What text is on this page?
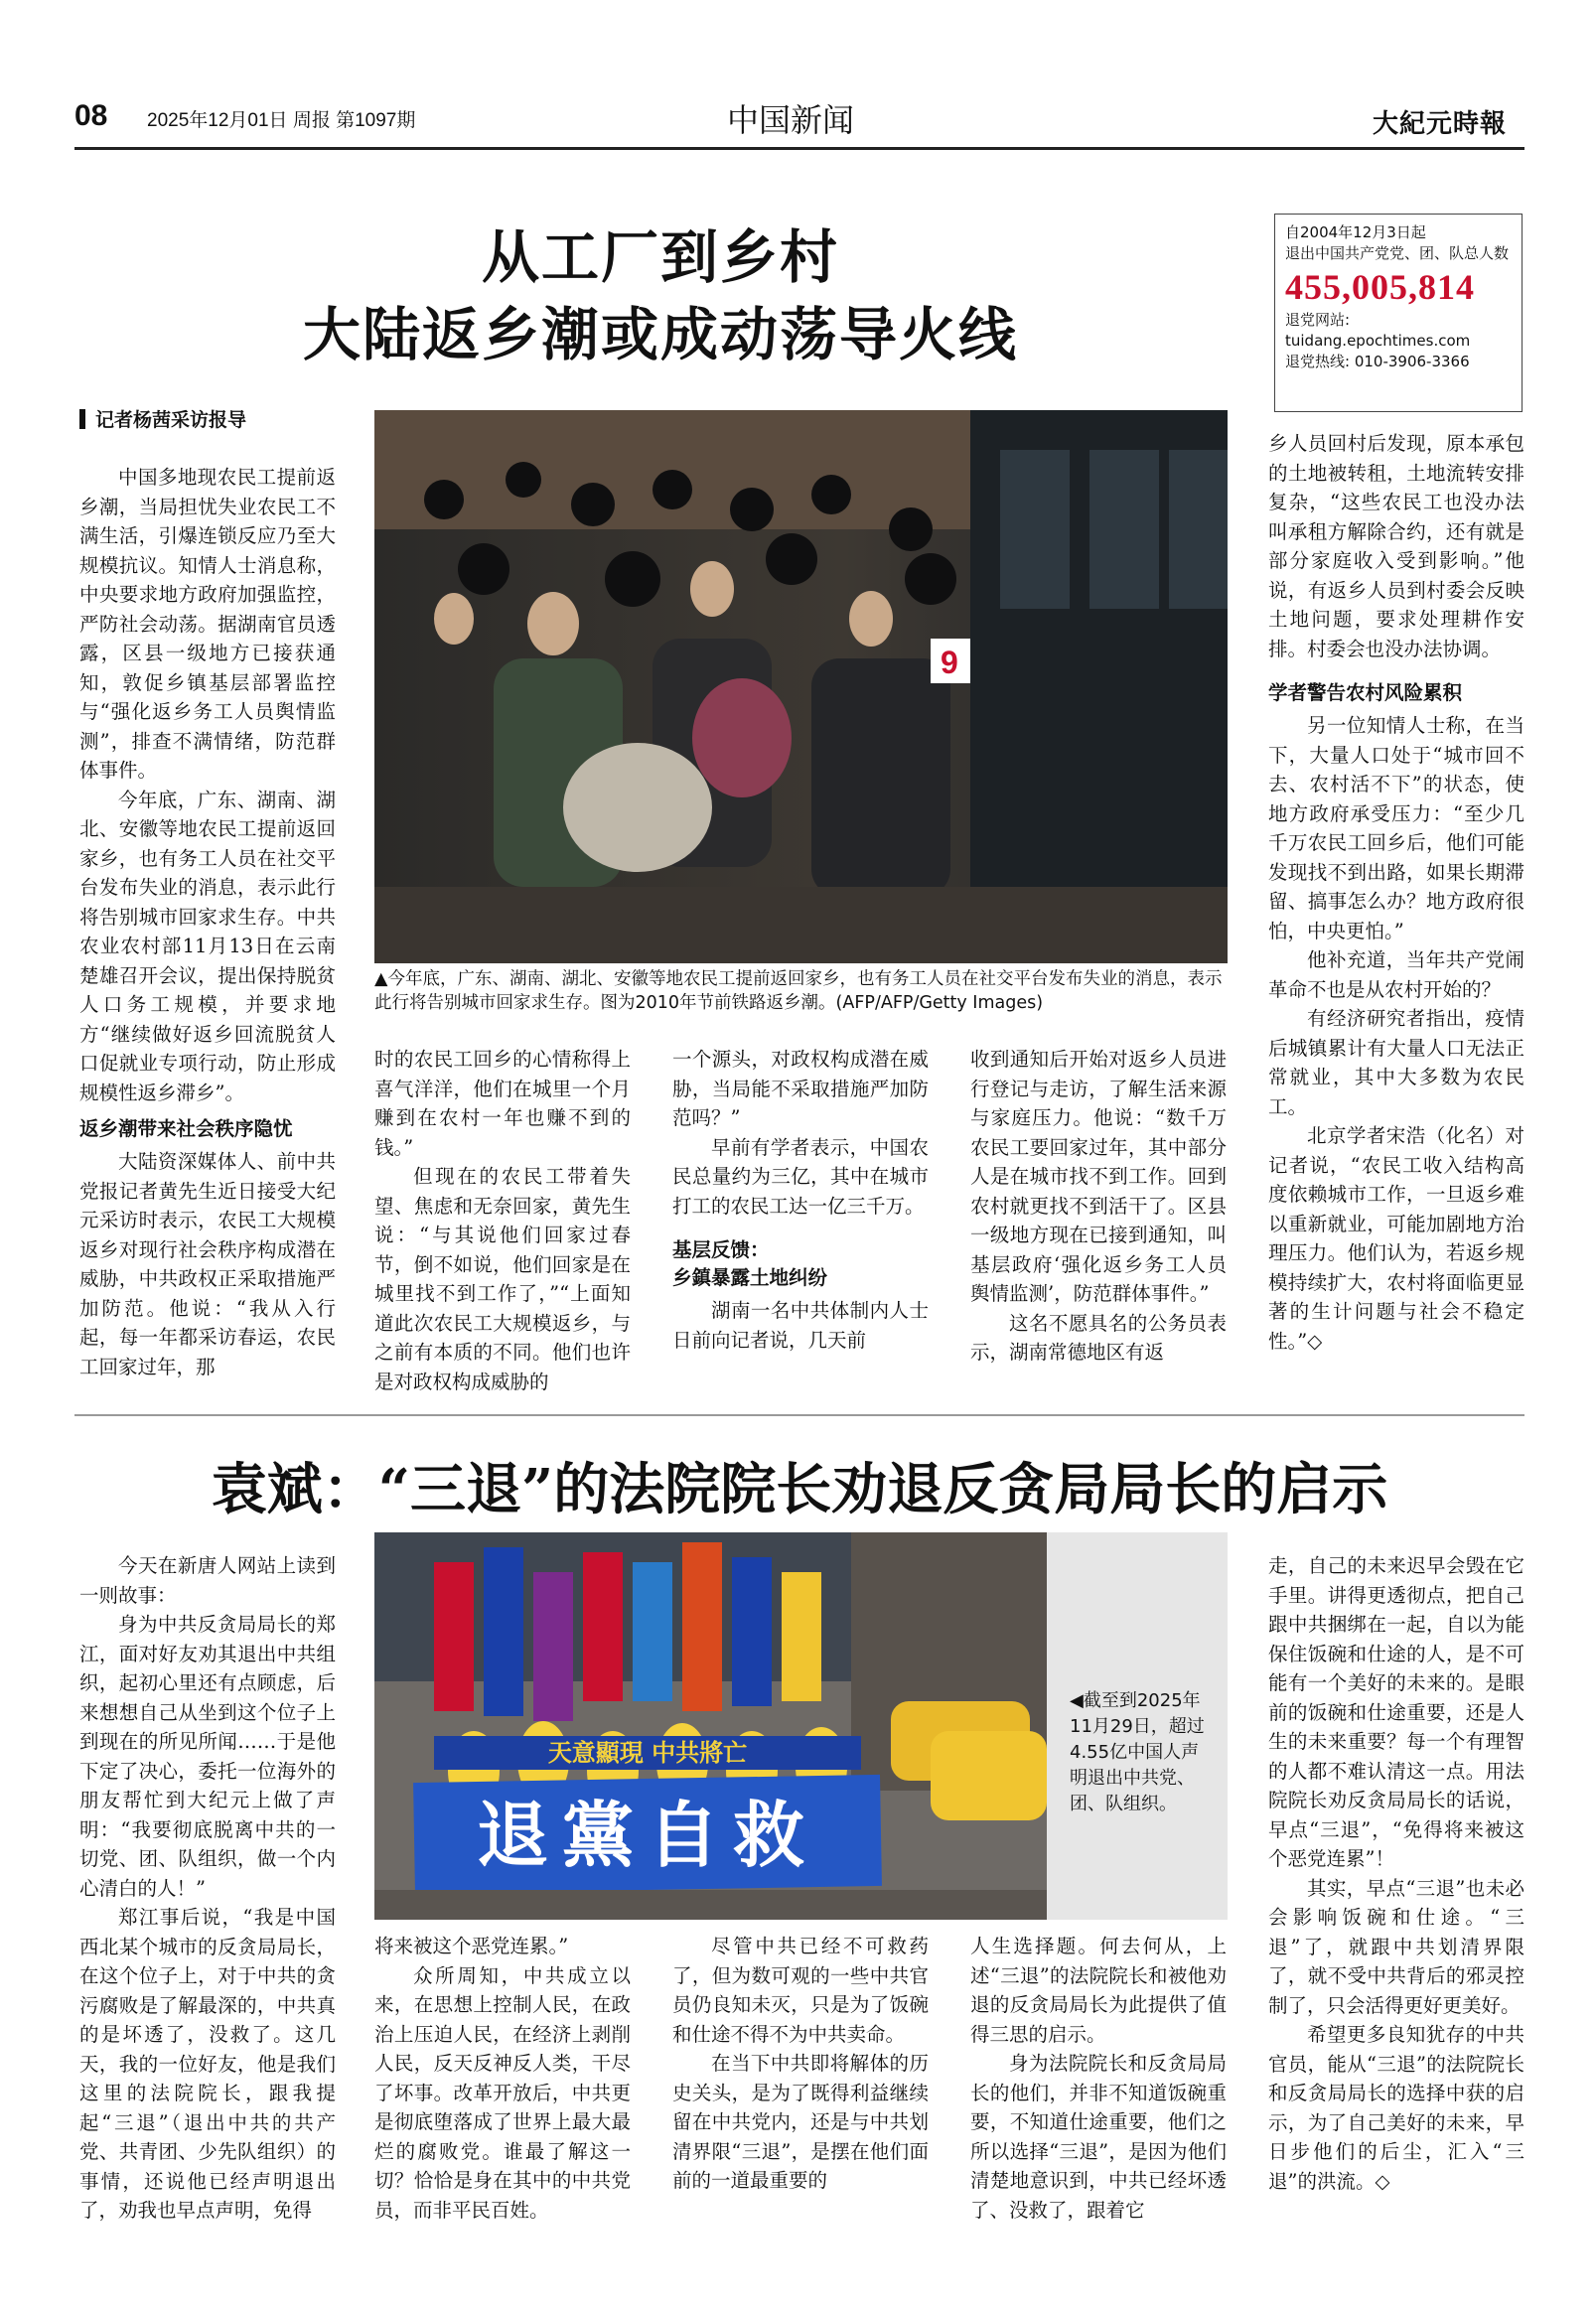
08 2025年12月01日 周报 第1097期	中国新闻	大紀元時報
从工厂到乡村
大陆返乡潮或成动荡导火线
自2004年12月3日起
退出中国共产党党、团、队总人数
455,005,814
退党网站:
tuidang.epochtimes.com
退党热线: 010-3906-3366
记者杨茜采访报导

中国多地现农民工提前返乡潮，当局担忧失业农民工不满生活，引爆连锁反应乃至大规模抗议。知情人士消息称，中央要求地方政府加强监控，严防社会动荡。据湖南官员透露，区县一级地方已接获通知，敦促乡镇基层部署监控与“强化返乡务工人员舆情监测”，排查不满情绪，防范群体事件。

今年底，广东、湖南、湖北、安徽等地农民工提前返回家乡，也有务工人员在社交平台发布失业的消息，表示此行将告别城市回家求生存。中共农业农村部11月13日在云南楚雄召开会议，提出保持脱贫人口务工规模，并要求地方“继续做好返乡回流脱贫人口促就业专项行动，防止形成规模性返乡滞乡”。

返乡潮带来社会秩序隐忧

大陆资深媒体人、前中共党报记者黄先生近日接受大纪元采访时表示，农民工大规模返乡对现行社会秩序构成潜在威胁，中共政权正采取措施严加防范。他说：“我从入行起，每一年都采访春运，农民工回家过年，那

9
▲今年底，广东、湖南、湖北、安徽等地农民工提前返回家乡，也有务工人员在社交平台发布失业的消息，表示此行将告别城市回家求生存。图为2010年节前铁路返乡潮。(AFP/AFP/Getty Images)

时的农民工回乡的心情称得上喜气洋洋，他们在城里一个月赚到在农村一年也赚不到的钱。”

但现在的农民工带着失望、焦虑和无奈回家，黄先生说：“与其说他们回家过春节，倒不如说，他们回家是在城里找不到工作了，”“上面知道此次农民工大规模返乡，与之前有本质的不同。他们也许是对政权构成威胁的

一个源头，对政权构成潜在威胁，当局能不采取措施严加防范吗？”

早前有学者表示，中国农民总量约为三亿，其中在城市打工的农民工达一亿三千万。

基层反馈：
乡鎮暴露土地纠纷

湖南一名中共体制内人士日前向记者说，几天前

收到通知后开始对返乡人员进行登记与走访，了解生活来源与家庭压力。他说：“数千万农民工要回家过年，其中部分人是在城市找不到工作。回到农村就更找不到活干了。区县一级地方现在已接到通知，叫基层政府‘强化返乡务工人员舆情监测’，防范群体事件。”

这名不愿具名的公务员表示，湖南常德地区有返

乡人员回村后发现，原本承包的土地被转租，土地流转安排复杂，“这些农民工也没办法叫承租方解除合约，还有就是部分家庭收入受到影响。”他说，有返乡人员到村委会反映土地问题，要求处理耕作安排。村委会也没办法协调。

学者警告农村风险累积

另一位知情人士称，在当下，大量人口处于“城市回不去、农村活不下”的状态，使地方政府承受压力：“至少几千万农民工回乡后，他们可能发现找不到出路，如果长期滞留、搞事怎么办？地方政府很怕，中央更怕。”

他补充道，当年共产党闹革命不也是从农村开始的？

有经济研究者指出，疫情后城镇累计有大量人口无法正常就业，其中大多数为农民工。

北京学者宋浩（化名）对记者说，“农民工收入结构高度依赖城市工作，一旦返乡难以重新就业，可能加剧地方治理压力。他们认为，若返乡规模持续扩大，农村将面临更显著的生计问题与社会不稳定性。”◇

袁斌：“三退”的法院院长劝退反贪局局长的启示

今天在新唐人网站上读到一则故事：

身为中共反贪局局长的郑江，面对好友劝其退出中共组织，起初心里还有点顾虑，后来想想自己从坐到这个位子上到现在的所见所闻……于是他下定了决心，委托一位海外的朋友帮忙到大纪元上做了声明：“我要彻底脱离中共的一切党、团、队组织，做一个内心清白的人！”

郑江事后说，“我是中国西北某个城市的反贪局局长，在这个位子上，对于中共的贪污腐败是了解最深的，中共真的是坏透了，没救了。这几天，我的一位好友，他是我们这里的法院院长，跟我提起“三退”（退出中共的共产党、共青团、少先队组织）的事情，还说他已经声明退出了，劝我也早点声明，免得

天意顯現 中共將亡
退黨自救
◀截至到2025年11月29日，超过4.55亿中国人声明退出中共党、团、队组织。

将来被这个恶党连累。”

众所周知，中共成立以来，在思想上控制人民，在政治上压迫人民，在经济上剥削人民，反天反神反人类，干尽了坏事。改革开放后，中共更是彻底堕落成了世界上最大最烂的腐败党。谁最了解这一切？恰恰是身在其中的中共党员，而非平民百姓。

尽管中共已经不可救药了，但为数可观的一些中共官员仍良知未灭，只是为了饭碗和仕途不得不为中共卖命。

在当下中共即将解体的历史关头，是为了既得利益继续留在中共党内，还是与中共划清界限“三退”，是摆在他们面前的一道最重要的

人生选择题。何去何从，上述“三退”的法院院长和被他劝退的反贪局局长为此提供了值得三思的启示。

身为法院院长和反贪局局长的他们，并非不知道饭碗重要，不知道仕途重要，他们之所以选择“三退”，是因为他们清楚地意识到，中共已经坏透了、没救了，跟着它

走，自己的未来迟早会毁在它手里。讲得更透彻点，把自己跟中共捆绑在一起，自以为能保住饭碗和仕途的人，是不可能有一个美好的未来的。是眼前的饭碗和仕途重要，还是人生的未来重要？每一个有理智的人都不难认清这一点。用法院院长劝反贪局局长的话说，早点“三退”，“免得将来被这个恶党连累”！

其实，早点“三退”也未必会影响饭碗和仕途。“三退”了，就跟中共划清界限了，就不受中共背后的邪灵控制了，只会活得更好更美好。

希望更多良知犹存的中共官员，能从“三退”的法院院长和反贪局局长的选择中获的启示，为了自己美好的未来，早日步他们的后尘，汇入“三退”的洪流。◇
